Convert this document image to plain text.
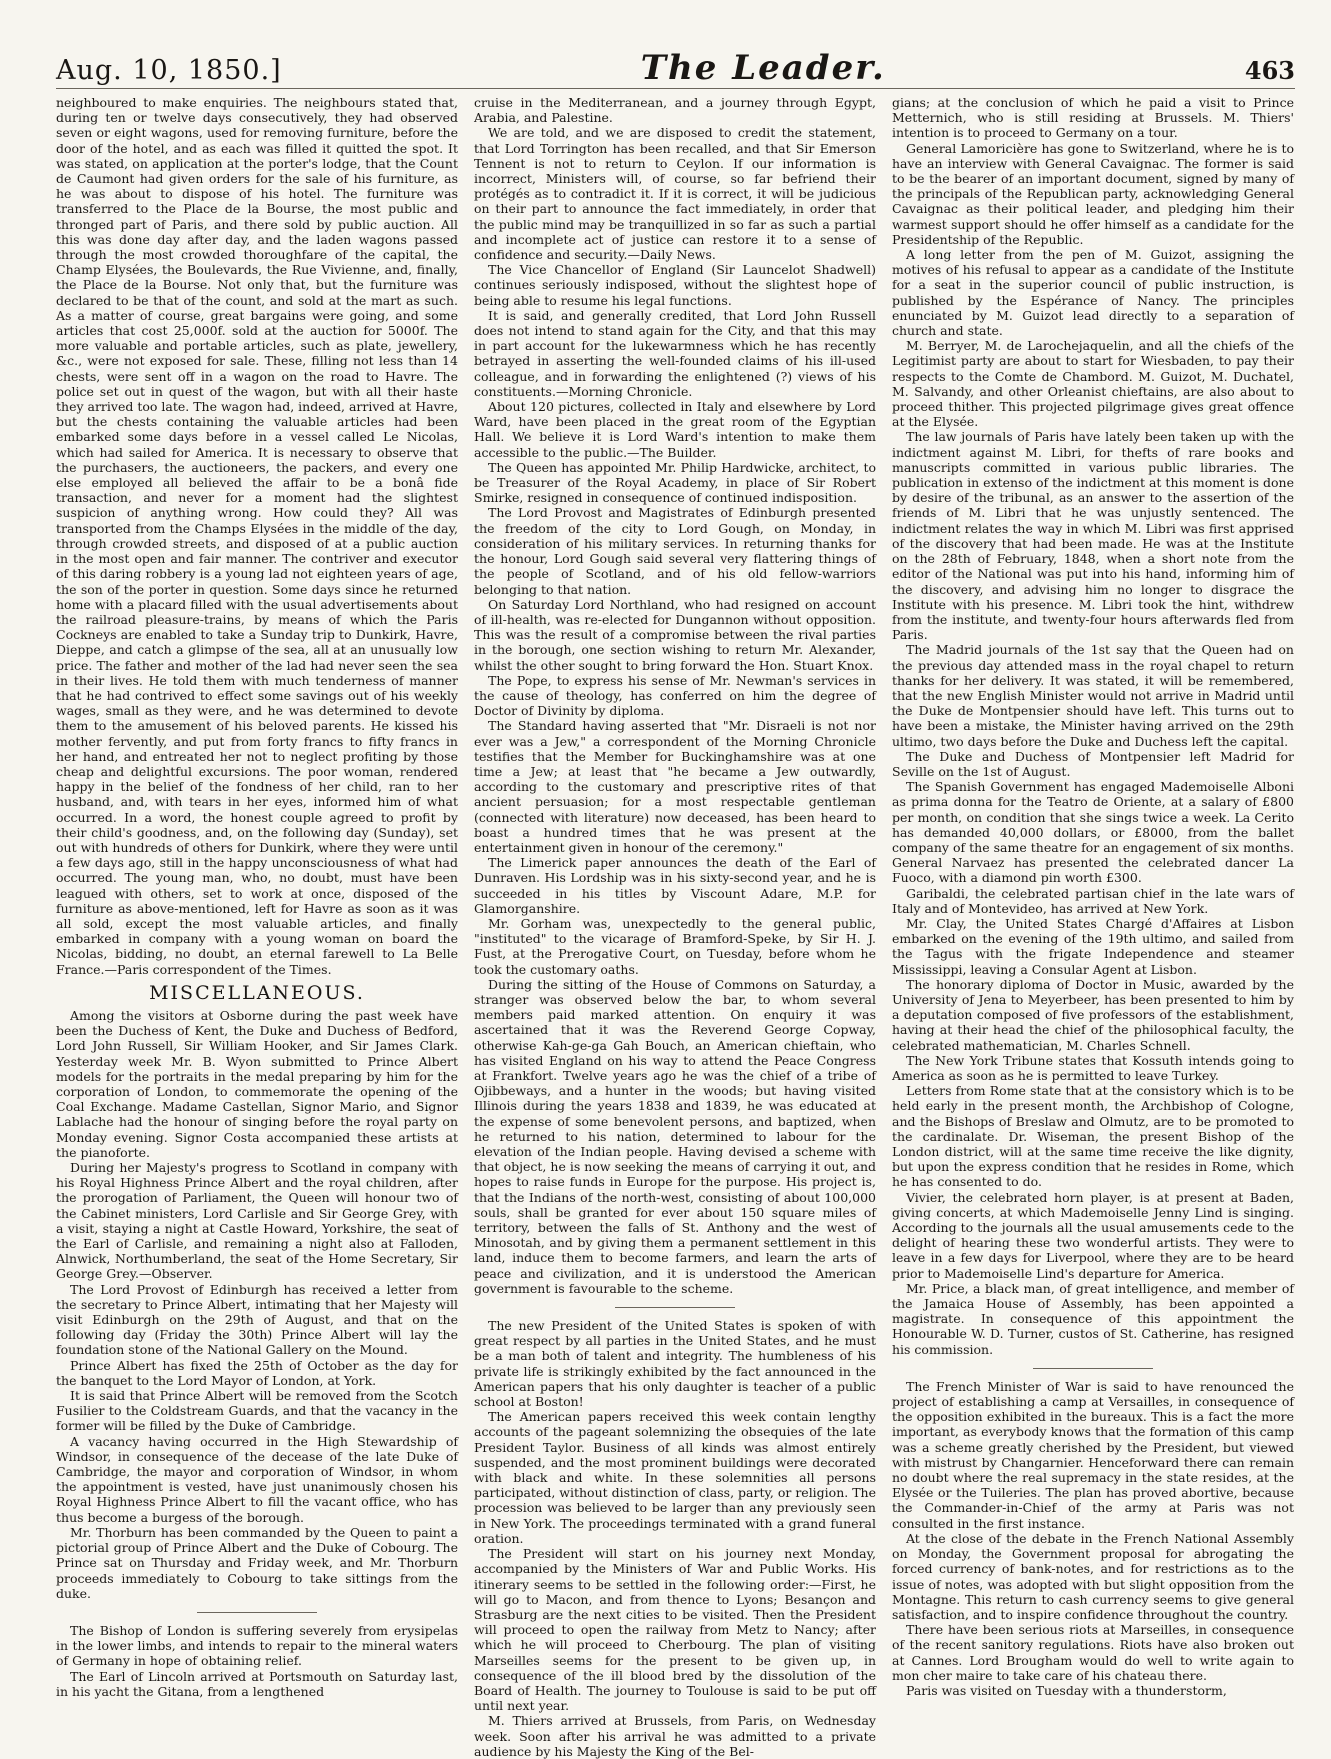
Aug. 10, 1850.]	The Leader.	463

neighboured to make enquiries. The neighbours stated that, during ten or twelve days consecutively, they had observed seven or eight wagons, used for removing furniture, before the door of the hotel, and as each was filled it quitted the spot. It was stated, on application at the porter's lodge, that the Count de Caumont had given orders for the sale of his furniture, as he was about to dispose of his hotel. The furniture was transferred to the Place de la Bourse, the most public and thronged part of Paris, and there sold by public auction. All this was done day after day, and the laden wagons passed through the most crowded thoroughfare of the capital, the Champ Elysées, the Boulevards, the Rue Vivienne, and, finally, the Place de la Bourse. Not only that, but the furniture was declared to be that of the count, and sold at the mart as such. As a matter of course, great bargains were going, and some articles that cost 25,000f. sold at the auction for 5000f. The more valuable and portable articles, such as plate, jewellery, &c., were not exposed for sale. These, filling not less than 14 chests, were sent off in a wagon on the road to Havre. The police set out in quest of the wagon, but with all their haste they arrived too late. The wagon had, indeed, arrived at Havre, but the chests containing the valuable articles had been embarked some days before in a vessel called Le Nicolas, which had sailed for America. It is necessary to observe that the purchasers, the auctioneers, the packers, and every one else employed all believed the affair to be a bonâ fide transaction, and never for a moment had the slightest suspicion of anything wrong. How could they? All was transported from the Champs Elysées in the middle of the day, through crowded streets, and disposed of at a public auction in the most open and fair manner. The contriver and executor of this daring robbery is a young lad not eighteen years of age, the son of the porter in question. Some days since he returned home with a placard filled with the usual advertisements about the railroad pleasure-trains, by means of which the Paris Cockneys are enabled to take a Sunday trip to Dunkirk, Havre, Dieppe, and catch a glimpse of the sea, all at an unusually low price. The father and mother of the lad had never seen the sea in their lives. He told them with much tenderness of manner that he had contrived to effect some savings out of his weekly wages, small as they were, and he was determined to devote them to the amusement of his beloved parents. He kissed his mother fervently, and put from forty francs to fifty francs in her hand, and entreated her not to neglect profiting by those cheap and delightful excursions. The poor woman, rendered happy in the belief of the fondness of her child, ran to her husband, and, with tears in her eyes, informed him of what occurred. In a word, the honest couple agreed to profit by their child's goodness, and, on the following day (Sunday), set out with hundreds of others for Dunkirk, where they were until a few days ago, still in the happy unconsciousness of what had occurred. The young man, who, no doubt, must have been leagued with others, set to work at once, disposed of the furniture as above-mentioned, left for Havre as soon as it was all sold, except the most valuable articles, and finally embarked in company with a young woman on board the Nicolas, bidding, no doubt, an eternal farewell to La Belle France.—Paris correspondent of the Times.

MISCELLANEOUS.

Among the visitors at Osborne during the past week have been the Duchess of Kent, the Duke and Duchess of Bedford, Lord John Russell, Sir William Hooker, and Sir James Clark. Yesterday week Mr. B. Wyon submitted to Prince Albert models for the portraits in the medal preparing by him for the corporation of London, to commemorate the opening of the Coal Exchange. Madame Castellan, Signor Mario, and Signor Lablache had the honour of singing before the royal party on Monday evening. Signor Costa accompanied these artists at the pianoforte.

During her Majesty's progress to Scotland in company with his Royal Highness Prince Albert and the royal children, after the prorogation of Parliament, the Queen will honour two of the Cabinet ministers, Lord Carlisle and Sir George Grey, with a visit, staying a night at Castle Howard, Yorkshire, the seat of the Earl of Carlisle, and remaining a night also at Falloden, Alnwick, Northumberland, the seat of the Home Secretary, Sir George Grey.—Observer.

The Lord Provost of Edinburgh has received a letter from the secretary to Prince Albert, intimating that her Majesty will visit Edinburgh on the 29th of August, and that on the following day (Friday the 30th) Prince Albert will lay the foundation stone of the National Gallery on the Mound.

Prince Albert has fixed the 25th of October as the day for the banquet to the Lord Mayor of London, at York.

It is said that Prince Albert will be removed from the Scotch Fusilier to the Coldstream Guards, and that the vacancy in the former will be filled by the Duke of Cambridge.

A vacancy having occurred in the High Stewardship of Windsor, in consequence of the decease of the late Duke of Cambridge, the mayor and corporation of Windsor, in whom the appointment is vested, have just unanimously chosen his Royal Highness Prince Albert to fill the vacant office, who has thus become a burgess of the borough.

Mr. Thorburn has been commanded by the Queen to paint a pictorial group of Prince Albert and the Duke of Cobourg. The Prince sat on Thursday and Friday week, and Mr. Thorburn proceeds immediately to Cobourg to take sittings from the duke.

The Bishop of London is suffering severely from erysipelas in the lower limbs, and intends to repair to the mineral waters of Germany in hope of obtaining relief.

The Earl of Lincoln arrived at Portsmouth on Saturday last, in his yacht the Gitana, from a lengthened

cruise in the Mediterranean, and a journey through Egypt, Arabia, and Palestine.

We are told, and we are disposed to credit the statement, that Lord Torrington has been recalled, and that Sir Emerson Tennent is not to return to Ceylon. If our information is incorrect, Ministers will, of course, so far befriend their protégés as to contradict it. If it is correct, it will be judicious on their part to announce the fact immediately, in order that the public mind may be tranquillized in so far as such a partial and incomplete act of justice can restore it to a sense of confidence and security.—Daily News.

The Vice Chancellor of England (Sir Launcelot Shadwell) continues seriously indisposed, without the slightest hope of being able to resume his legal functions.

It is said, and generally credited, that Lord John Russell does not intend to stand again for the City, and that this may in part account for the lukewarmness which he has recently betrayed in asserting the well-founded claims of his ill-used colleague, and in forwarding the enlightened (?) views of his constituents.—Morning Chronicle.

About 120 pictures, collected in Italy and elsewhere by Lord Ward, have been placed in the great room of the Egyptian Hall. We believe it is Lord Ward's intention to make them accessible to the public.—The Builder.

The Queen has appointed Mr. Philip Hardwicke, architect, to be Treasurer of the Royal Academy, in place of Sir Robert Smirke, resigned in consequence of continued indisposition.

The Lord Provost and Magistrates of Edinburgh presented the freedom of the city to Lord Gough, on Monday, in consideration of his military services. In returning thanks for the honour, Lord Gough said several very flattering things of the people of Scotland, and of his old fellow-warriors belonging to that nation.

On Saturday Lord Northland, who had resigned on account of ill-health, was re-elected for Dungannon without opposition. This was the result of a compromise between the rival parties in the borough, one section wishing to return Mr. Alexander, whilst the other sought to bring forward the Hon. Stuart Knox.

The Pope, to express his sense of Mr. Newman's services in the cause of theology, has conferred on him the degree of Doctor of Divinity by diploma.

The Standard having asserted that "Mr. Disraeli is not nor ever was a Jew," a correspondent of the Morning Chronicle testifies that the Member for Buckinghamshire was at one time a Jew; at least that "he became a Jew outwardly, according to the customary and prescriptive rites of that ancient persuasion; for a most respectable gentleman (connected with literature) now deceased, has been heard to boast a hundred times that he was present at the entertainment given in honour of the ceremony."

The Limerick paper announces the death of the Earl of Dunraven. His Lordship was in his sixty-second year, and he is succeeded in his titles by Viscount Adare, M.P. for Glamorganshire.

Mr. Gorham was, unexpectedly to the general public, "instituted" to the vicarage of Bramford-Speke, by Sir H. J. Fust, at the Prerogative Court, on Tuesday, before whom he took the customary oaths.

During the sitting of the House of Commons on Saturday, a stranger was observed below the bar, to whom several members paid marked attention. On enquiry it was ascertained that it was the Reverend George Copway, otherwise Kah-ge-ga Gah Bouch, an American chieftain, who has visited England on his way to attend the Peace Congress at Frankfort. Twelve years ago he was the chief of a tribe of Ojibbeways, and a hunter in the woods; but having visited Illinois during the years 1838 and 1839, he was educated at the expense of some benevolent persons, and baptized, when he returned to his nation, determined to labour for the elevation of the Indian people. Having devised a scheme with that object, he is now seeking the means of carrying it out, and hopes to raise funds in Europe for the purpose. His project is, that the Indians of the north-west, consisting of about 100,000 souls, shall be granted for ever about 150 square miles of territory, between the falls of St. Anthony and the west of Minosotah, and by giving them a permanent settlement in this land, induce them to become farmers, and learn the arts of peace and civilization, and it is understood the American government is favourable to the scheme.

The new President of the United States is spoken of with great respect by all parties in the United States, and he must be a man both of talent and integrity. The humbleness of his private life is strikingly exhibited by the fact announced in the American papers that his only daughter is teacher of a public school at Boston!

The American papers received this week contain lengthy accounts of the pageant solemnizing the obsequies of the late President Taylor. Business of all kinds was almost entirely suspended, and the most prominent buildings were decorated with black and white. In these solemnities all persons participated, without distinction of class, party, or religion. The procession was believed to be larger than any previously seen in New York. The proceedings terminated with a grand funeral oration.

The President will start on his journey next Monday, accompanied by the Ministers of War and Public Works. His itinerary seems to be settled in the following order:—First, he will go to Macon, and from thence to Lyons; Besançon and Strasburg are the next cities to be visited. Then the President will proceed to open the railway from Metz to Nancy; after which he will proceed to Cherbourg. The plan of visiting Marseilles seems for the present to be given up, in consequence of the ill blood bred by the dissolution of the Board of Health. The journey to Toulouse is said to be put off until next year.

M. Thiers arrived at Brussels, from Paris, on Wednesday week. Soon after his arrival he was admitted to a private audience by his Majesty the King of the Bel-

gians; at the conclusion of which he paid a visit to Prince Metternich, who is still residing at Brussels. M. Thiers' intention is to proceed to Germany on a tour.

General Lamoricière has gone to Switzerland, where he is to have an interview with General Cavaignac. The former is said to be the bearer of an important document, signed by many of the principals of the Republican party, acknowledging General Cavaignac as their political leader, and pledging him their warmest support should he offer himself as a candidate for the Presidentship of the Republic.

A long letter from the pen of M. Guizot, assigning the motives of his refusal to appear as a candidate of the Institute for a seat in the superior council of public instruction, is published by the Espérance of Nancy. The principles enunciated by M. Guizot lead directly to a separation of church and state.

M. Berryer, M. de Larochejaquelin, and all the chiefs of the Legitimist party are about to start for Wiesbaden, to pay their respects to the Comte de Chambord. M. Guizot, M. Duchatel, M. Salvandy, and other Orleanist chieftains, are also about to proceed thither. This projected pilgrimage gives great offence at the Elysée.

The law journals of Paris have lately been taken up with the indictment against M. Libri, for thefts of rare books and manuscripts committed in various public libraries. The publication in extenso of the indictment at this moment is done by desire of the tribunal, as an answer to the assertion of the friends of M. Libri that he was unjustly sentenced. The indictment relates the way in which M. Libri was first apprised of the discovery that had been made. He was at the Institute on the 28th of February, 1848, when a short note from the editor of the National was put into his hand, informing him of the discovery, and advising him no longer to disgrace the Institute with his presence. M. Libri took the hint, withdrew from the institute, and twenty-four hours afterwards fled from Paris.

The Madrid journals of the 1st say that the Queen had on the previous day attended mass in the royal chapel to return thanks for her delivery. It was stated, it will be remembered, that the new English Minister would not arrive in Madrid until the Duke de Montpensier should have left. This turns out to have been a mistake, the Minister having arrived on the 29th ultimo, two days before the Duke and Duchess left the capital.

The Duke and Duchess of Montpensier left Madrid for Seville on the 1st of August.

The Spanish Government has engaged Mademoiselle Alboni as prima donna for the Teatro de Oriente, at a salary of £800 per month, on condition that she sings twice a week. La Cerito has demanded 40,000 dollars, or £8000, from the ballet company of the same theatre for an engagement of six months. General Narvaez has presented the celebrated dancer La Fuoco, with a diamond pin worth £300.

Garibaldi, the celebrated partisan chief in the late wars of Italy and of Montevideo, has arrived at New York.

Mr. Clay, the United States Chargé d'Affaires at Lisbon embarked on the evening of the 19th ultimo, and sailed from the Tagus with the frigate Independence and steamer Mississippi, leaving a Consular Agent at Lisbon.

The honorary diploma of Doctor in Music, awarded by the University of Jena to Meyerbeer, has been presented to him by a deputation composed of five professors of the establishment, having at their head the chief of the philosophical faculty, the celebrated mathematician, M. Charles Schnell.

The New York Tribune states that Kossuth intends going to America as soon as he is permitted to leave Turkey.

Letters from Rome state that at the consistory which is to be held early in the present month, the Archbishop of Cologne, and the Bishops of Breslaw and Olmutz, are to be promoted to the cardinalate. Dr. Wiseman, the present Bishop of the London district, will at the same time receive the like dignity, but upon the express condition that he resides in Rome, which he has consented to do.

Vivier, the celebrated horn player, is at present at Baden, giving concerts, at which Mademoiselle Jenny Lind is singing. According to the journals all the usual amusements cede to the delight of hearing these two wonderful artists. They were to leave in a few days for Liverpool, where they are to be heard prior to Mademoiselle Lind's departure for America.

Mr. Price, a black man, of great intelligence, and member of the Jamaica House of Assembly, has been appointed a magistrate. In consequence of this appointment the Honourable W. D. Turner, custos of St. Catherine, has resigned his commission.

The French Minister of War is said to have renounced the project of establishing a camp at Versailles, in consequence of the opposition exhibited in the bureaux. This is a fact the more important, as everybody knows that the formation of this camp was a scheme greatly cherished by the President, but viewed with mistrust by Changarnier. Henceforward there can remain no doubt where the real supremacy in the state resides, at the Elysée or the Tuileries. The plan has proved abortive, because the Commander-in-Chief of the army at Paris was not consulted in the first instance.

At the close of the debate in the French National Assembly on Monday, the Government proposal for abrogating the forced currency of bank-notes, and for restrictions as to the issue of notes, was adopted with but slight opposition from the Montagne. This return to cash currency seems to give general satisfaction, and to inspire confidence throughout the country.

There have been serious riots at Marseilles, in consequence of the recent sanitory regulations. Riots have also broken out at Cannes. Lord Brougham would do well to write again to mon cher maire to take care of his chateau there.

Paris was visited on Tuesday with a thunderstorm,
